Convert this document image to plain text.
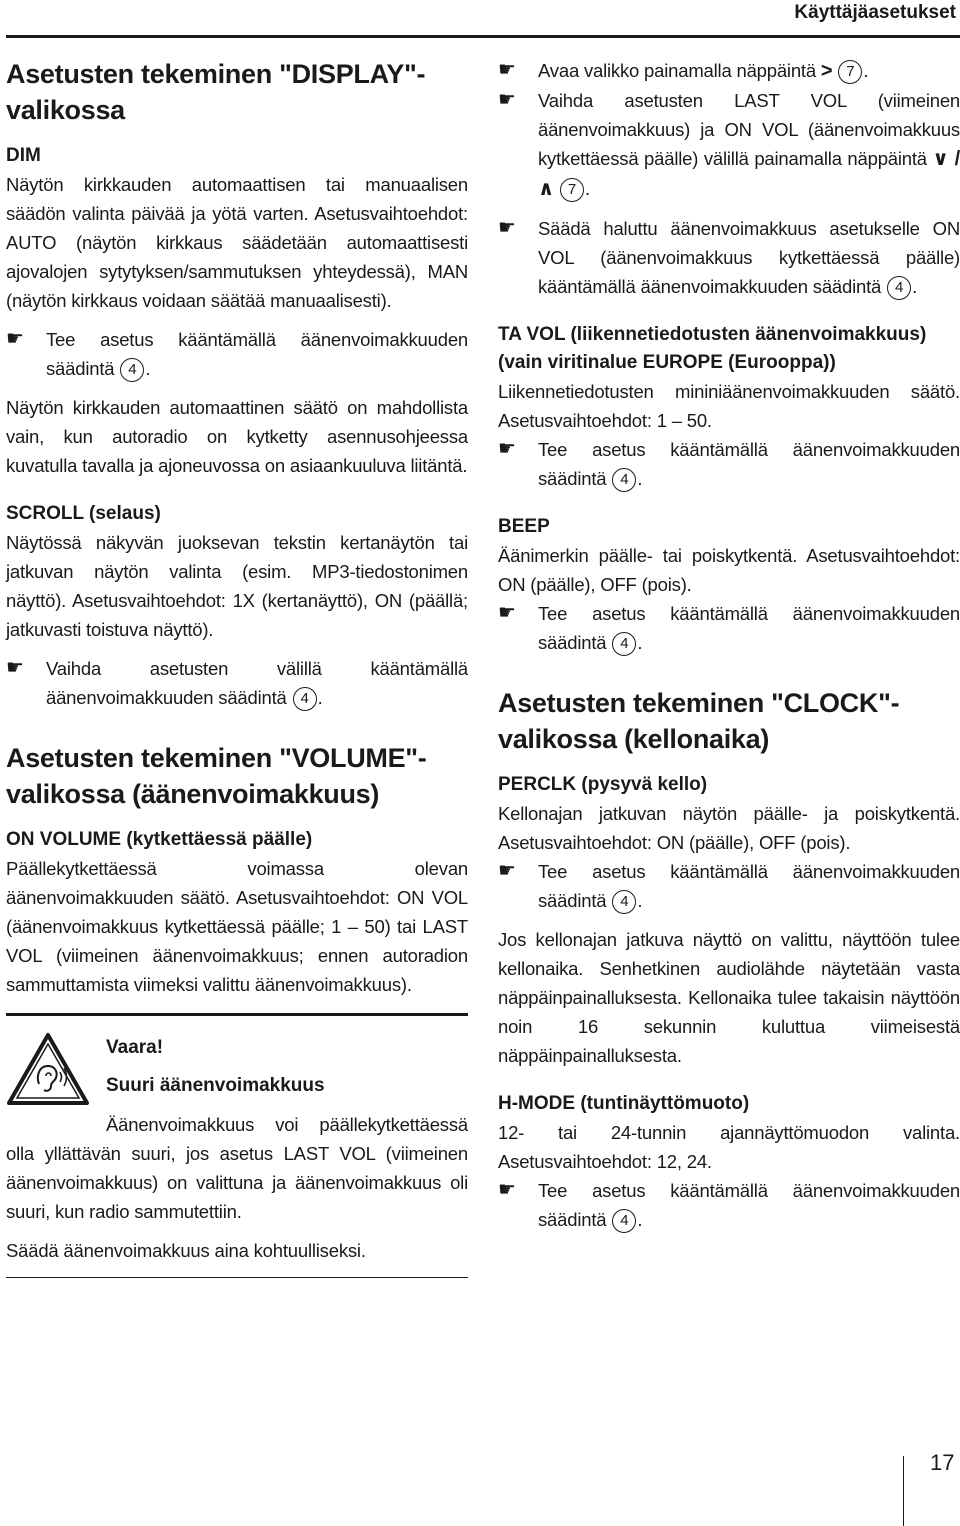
Käyttäjäasetukset
Asetusten tekeminen "DISPLAY"-valikossa
DIM
Näytön kirkkauden automaattisen tai manuaalisen säädön valinta päivää ja yötä varten. Asetusvaihtoehdot: AUTO (näytön kirkkaus säädetään automaattisesti ajovalojen sytytyksen/sammutuksen yhteydessä), MAN (näytön kirkkaus voidaan säätää manuaalisesti).
☛ Tee asetus kääntämällä äänenvoimakkuuden säädintä 4 .
Näytön kirkkauden automaattinen säätö on mahdollista vain, kun autoradio on kytketty asennusohjeessa kuvatulla tavalla ja ajoneuvossa on asiaankuuluva liitäntä.
SCROLL (selaus)
Näytössä näkyvän juoksevan tekstin kertanäytön tai jatkuvan näytön valinta (esim. MP3-tiedostonimen näyttö). Asetusvaihtoehdot: 1X (kertanäyttö), ON (päällä; jatkuvasti toistuva näyttö).
☛ Vaihda asetusten välillä kääntämällä äänenvoimakkuuden säädintä 4 .
Asetusten tekeminen "VOLUME"-valikossa (äänenvoimakkuus)
ON VOLUME (kytkettäessä päälle)
Päällekytkettäessä voimassa olevan äänenvoimakkuuden säätö. Asetusvaihtoehdot: ON VOL (äänenvoimakkuus kytkettäessä päälle; 1 – 50) tai LAST VOL (viimeinen äänenvoimakkuus; ennen autoradion sammuttamista viimeksi valittu äänenvoimakkuus).
Vaara!
Suuri äänenvoimakkuus
Äänenvoimakkuus voi päällekytkettäessä olla yllättävän suuri, jos asetus LAST VOL (viimeinen äänenvoimakkuus) on valittuna ja äänenvoimakkuus oli suuri, kun radio sammutettiin.
Säädä äänenvoimakkuus aina kohtuulliseksi.
☛ Avaa valikko painamalla näppäintä > 7 .
☛ Vaihda asetusten LAST VOL (viimeinen äänenvoimakkuus) ja ON VOL (äänenvoimakkuus kytkettäessä päälle) välillä painamalla näppäintä ∨ / ∧ 7 .
☛ Säädä haluttu äänenvoimakkuus asetukselle ON VOL (äänenvoimakkuus kytkettäessä päälle) kääntämällä äänenvoimakkuuden säädintä 4 .
TA VOL (liikennetiedotusten äänenvoimakkuus) (vain viritinalue EUROPE (Eurooppa))
Liikennetiedotusten mininiäänenvoimakkuuden säätö. Asetusvaihtoehdot: 1 – 50.
☛ Tee asetus kääntämällä äänenvoimakkuuden säädintä 4 .
BEEP
Äänimerkin päälle- tai poiskytkentä. Asetusvaihtoehdot: ON (päälle), OFF (pois).
☛ Tee asetus kääntämällä äänenvoimakkuuden säädintä 4 .
Asetusten tekeminen "CLOCK"-valikossa (kellonaika)
PERCLK (pysyvä kello)
Kellonajan jatkuvan näytön päälle- ja poiskytkentä. Asetusvaihtoehdot: ON (päälle), OFF (pois).
☛ Tee asetus kääntämällä äänenvoimakkuuden säädintä 4 .
Jos kellonajan jatkuva näyttö on valittu, näyttöön tulee kellonaika. Senhetkinen audiolähde näytetään vasta näppäinpainalluksesta. Kellonaika tulee takaisin näyttöön noin 16 sekunnin kuluttua viimeisestä näppäinpainalluksesta.
H-MODE (tuntinäyttömuoto)
12- tai 24-tunnin ajannäyttömuodon valinta. Asetusvaihtoehdot: 12, 24.
☛ Tee asetus kääntämällä äänenvoimakkuuden säädintä 4 .
17
